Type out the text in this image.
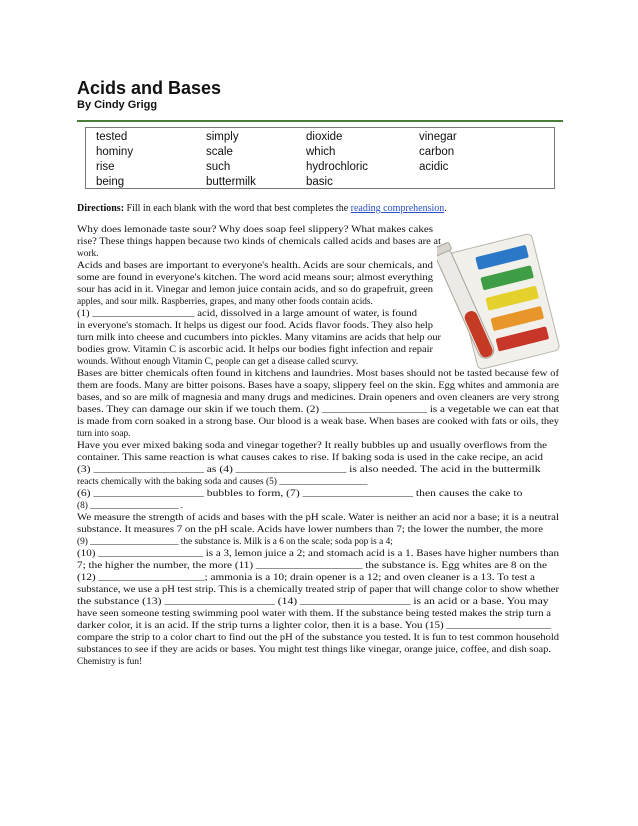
Acids and Bases
By Cindy Grigg
tested	simply	dioxide	vinegar
hominy	scale	which	carbon
rise	such	hydrochloric	acidic
being	buttermilk	basic
Directions: Fill in each blank with the word that best completes the reading comprehension.
Why does lemonade taste sour? Why does soap feel slippery? What makes cakes
rise? These things happen because two kinds of chemicals called acids and bases are at
work.
Acids and bases are important to everyone's health. Acids are sour chemicals, and
some are found in everyone's kitchen. The word acid means sour; almost everything
sour has acid in it. Vinegar and lemon juice contain acids, and so do grapefruit, green
apples, and sour milk. Raspberries, grapes, and many other foods contain acids.
(1) ___________________ acid, dissolved in a large amount of water, is found
in everyone's stomach. It helps us digest our food. Acids flavor foods. They also help
turn milk into cheese and cucumbers into pickles. Many vitamins are acids that help our
bodies grow. Vitamin C is ascorbic acid. It helps our bodies fight infection and repair
wounds. Without enough Vitamin C, people can get a disease called scurvy.
Bases are bitter chemicals often found in kitchens and laundries. Most bases should not be tasted because few of
them are foods. Many are bitter poisons. Bases have a soapy, slippery feel on the skin. Egg whites and ammonia are
bases, and so are milk of magnesia and many drugs and medicines. Drain openers and oven cleaners are very strong
bases. They can damage our skin if we touch them. (2) ___________________ is a vegetable we can eat that
is made from corn soaked in a strong base. Our blood is a weak base. When bases are cooked with fats or oils, they
turn into soap.
Have you ever mixed baking soda and vinegar together? It really bubbles up and usually overflows from the
container. This same reaction is what causes cakes to rise. If baking soda is used in the cake recipe, an acid
(3) ___________________ as (4) ___________________ is also needed. The acid in the buttermilk
reacts chemically with the baking soda and causes (5) ___________________
(6) ___________________ bubbles to form, (7) ___________________ then causes the cake to
(8) ___________________ .
We measure the strength of acids and bases with the pH scale. Water is neither an acid nor a base; it is a neutral
substance. It measures 7 on the pH scale. Acids have lower numbers than 7; the lower the number, the more
(9) ___________________ the substance is. Milk is a 6 on the scale; soda pop is a 4;
(10) ___________________ is a 3, lemon juice a 2; and stomach acid is a 1. Bases have higher numbers than
7; the higher the number, the more (11) ___________________ the substance is. Egg whites are 8 on the
(12) ___________________; ammonia is a 10; drain opener is a 12; and oven cleaner is a 13. To test a
substance, we use a pH test strip. This is a chemically treated strip of paper that will change color to show whether
the substance (13) ___________________ (14) ___________________ is an acid or a base. You may
have seen someone testing swimming pool water with them. If the substance being tested makes the strip turn a
darker color, it is an acid. If the strip turns a lighter color, then it is a base. You (15) ___________________
compare the strip to a color chart to find out the pH of the substance you tested. It is fun to test common household
substances to see if they are acids or bases. You might test things like vinegar, orange juice, coffee, and dish soap.
Chemistry is fun!
